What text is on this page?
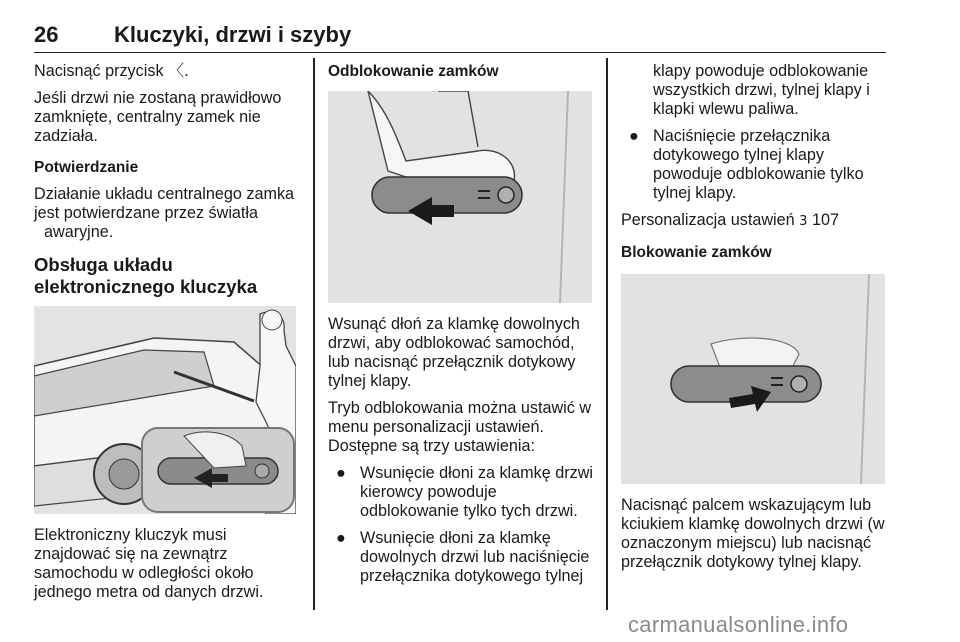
26	Kluczyki, drzwi i szyby

Nacisnąć przycisk 〈.

Jeśli drzwi nie zostaną prawidłowo zamknięte, centralny zamek nie zadziała.

Potwierdzanie

Działanie układu centralnego zamka jest potwierdzane przez światła

awaryjne.

Obsługa układu elektronicznego kluczyka

Elektroniczny kluczyk musi znajdować się na zewnątrz samochodu w odległości około jednego metra od danych drzwi.

Odblokowanie zamków

Wsunąć dłoń za klamkę dowolnych drzwi, aby odblokować samochód, lub nacisnąć przełącznik dotykowy tylnej klapy.

Tryb odblokowania można ustawić w menu personalizacji ustawień. Dostępne są trzy ustawienia:

● Wsunięcie dłoni za klamkę drzwi kierowcy powoduje odblokowanie tylko tych drzwi.
● Wsunięcie dłoni za klamkę dowolnych drzwi lub naciśnięcie przełącznika dotykowego tylnej

klapy powoduje odblokowanie wszystkich drzwi, tylnej klapy i klapki wlewu paliwa.

● Naciśnięcie przełącznika dotykowego tylnej klapy powoduje odblokowanie tylko tylnej klapy.

Personalizacja ustawień 3 107

Blokowanie zamków

Nacisnąć palcem wskazującym lub kciukiem klamkę dowolnych drzwi (w oznaczonym miejscu) lub nacisnąć przełącznik dotykowy tylnej klapy.

carmanualsonline.info
